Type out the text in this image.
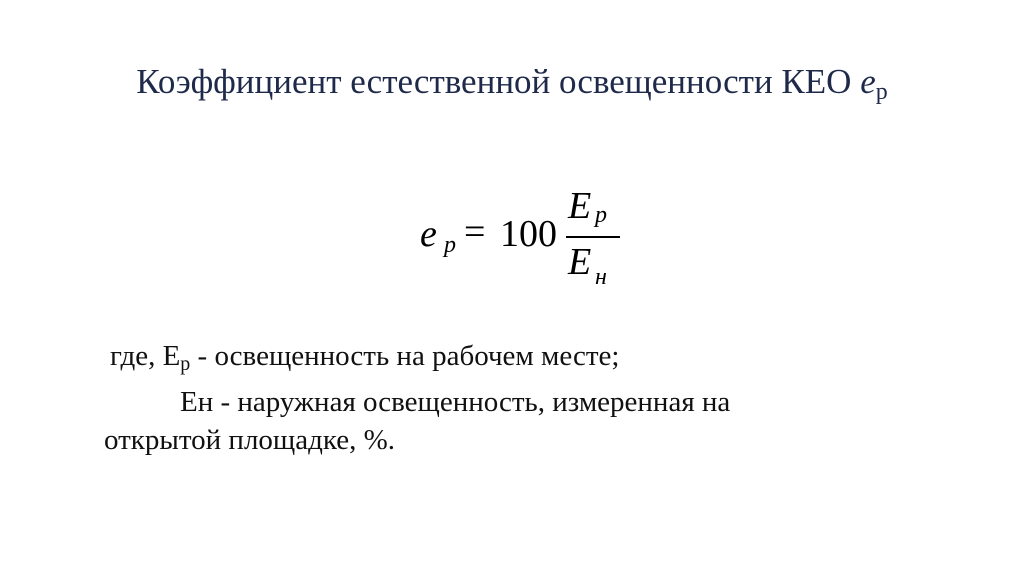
Коэффициент естественной освещенности КЕО $e_р$
e p = 100
E p
E н
где, $Е_р$ - освещенность на рабочем месте;
Ен - наружная освещенность, измеренная на
открытой площадке, %.
